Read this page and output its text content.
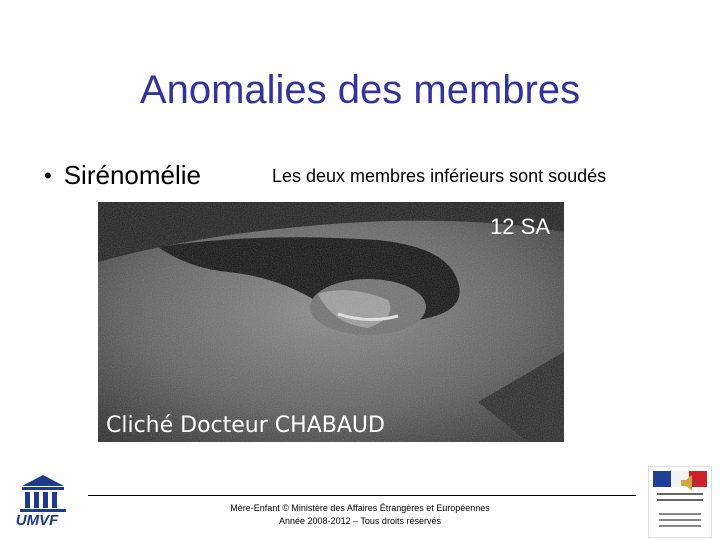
Anomalies des membres
• Sirénomélie	Les deux membres inférieurs sont soudés
12 SA
Cliché Docteur CHABAUD
UMVF
Mère-Enfant © Ministère des Affaires Étrangères et Européennes
Année 2008-2012 – Tous droits réservés
